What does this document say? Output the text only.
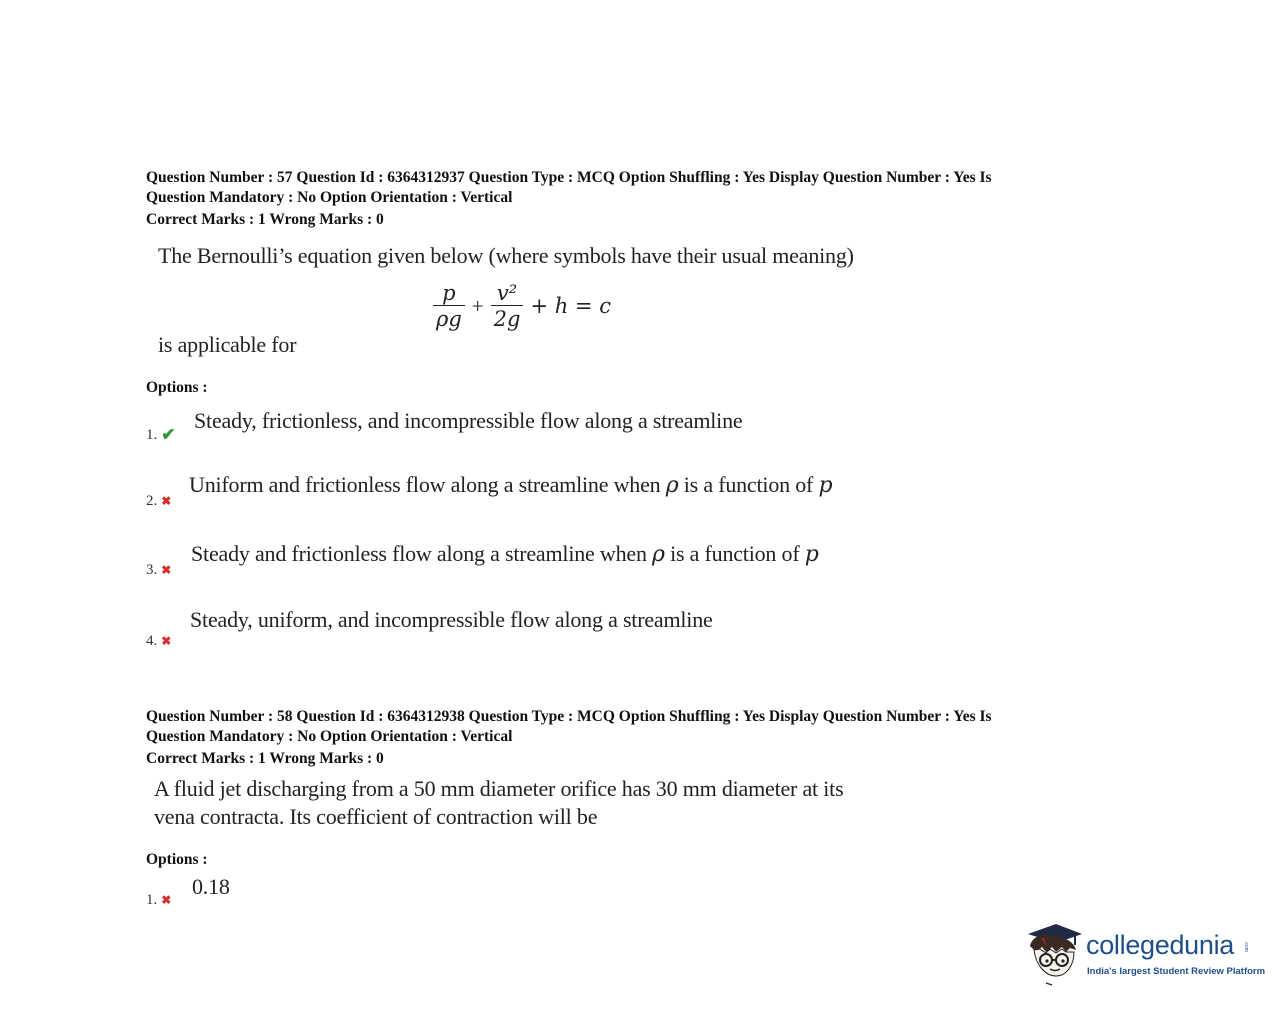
Question Number : 57 Question Id : 6364312937 Question Type : MCQ Option Shuffling : Yes Display Question Number : Yes Is
Question Mandatory : No Option Orientation : Vertical
Correct Marks : 1 Wrong Marks : 0
The Bernoulli’s equation given below (where symbols have their usual meaning)
$\frac{p}{\rho g} + \frac{\text{v²}}{2g} + h = c$
is applicable for
Options :
Steady, frictionless, and incompressible flow along a streamline
1. ✔
Uniform and frictionless flow along a streamline when ρ is a function of p
2. ✖
Steady and frictionless flow along a streamline when ρ is a function of p
3. ✖
Steady, uniform, and incompressible flow along a streamline
4. ✖
Question Number : 58 Question Id : 6364312938 Question Type : MCQ Option Shuffling : Yes Display Question Number : Yes Is
Question Mandatory : No Option Orientation : Vertical
Correct Marks : 1 Wrong Marks : 0
A fluid jet discharging from a 50 mm diameter orifice has 30 mm diameter at its
vena contracta. Its coefficient of contraction will be
Options :
0.18
1. ✖
collegedunia .com
India's largest Student Review Platform
